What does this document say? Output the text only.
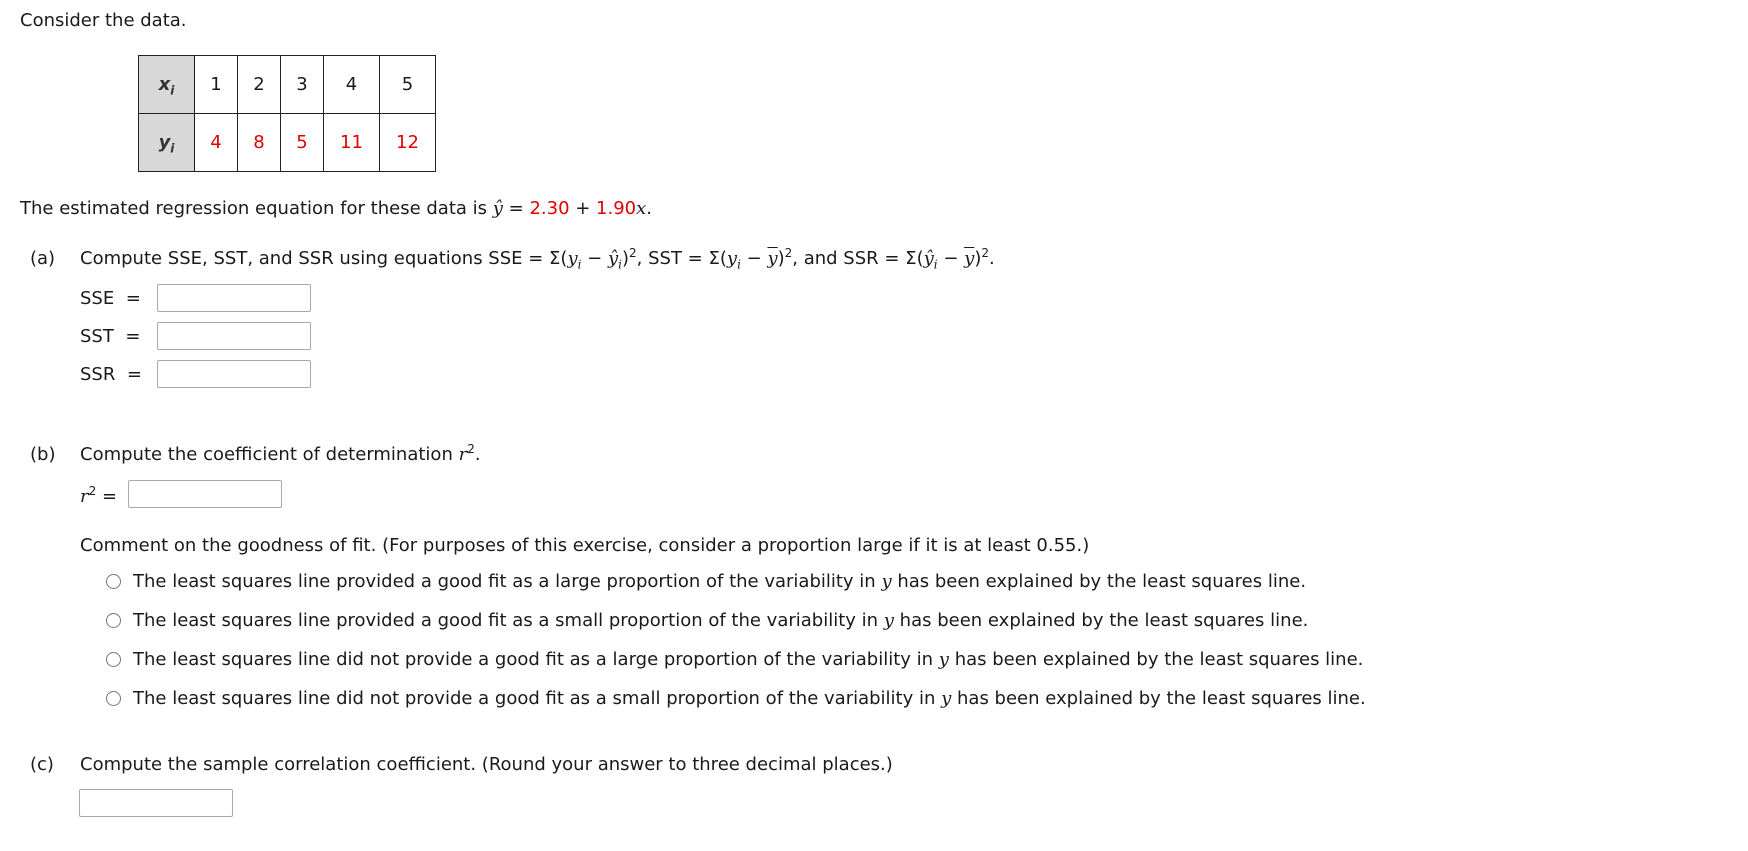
Consider the data.
$x_i$	1	2	3	4	5
$y_i$	4	8	5	11	12
The estimated regression equation for these data is ŷ = 2.30 + 1.90x.
(a) Compute SSE, SST, and SSR using equations SSE = $\Sigma(y_i$ − $ŷ_i)^2$, SST = $\Sigma(y_i - \overline{y})^2$, and SSR = $\Sigma(ŷ_i - \overline{y})^2$.
SSE =
SST =
SSR =
(b) Compute the coefficient of determination $r^2$.
$r^2$ =
Comment on the goodness of fit. (For purposes of this exercise, consider a proportion large if it is at least 0.55.)
The least squares line provided a good fit as a large proportion of the variability in y has been explained by the least squares line.
The least squares line provided a good fit as a small proportion of the variability in y has been explained by the least squares line.
The least squares line did not provide a good fit as a large proportion of the variability in y has been explained by the least squares line.
The least squares line did not provide a good fit as a small proportion of the variability in y has been explained by the least squares line.
(c) Compute the sample correlation coefficient. (Round your answer to three decimal places.)
